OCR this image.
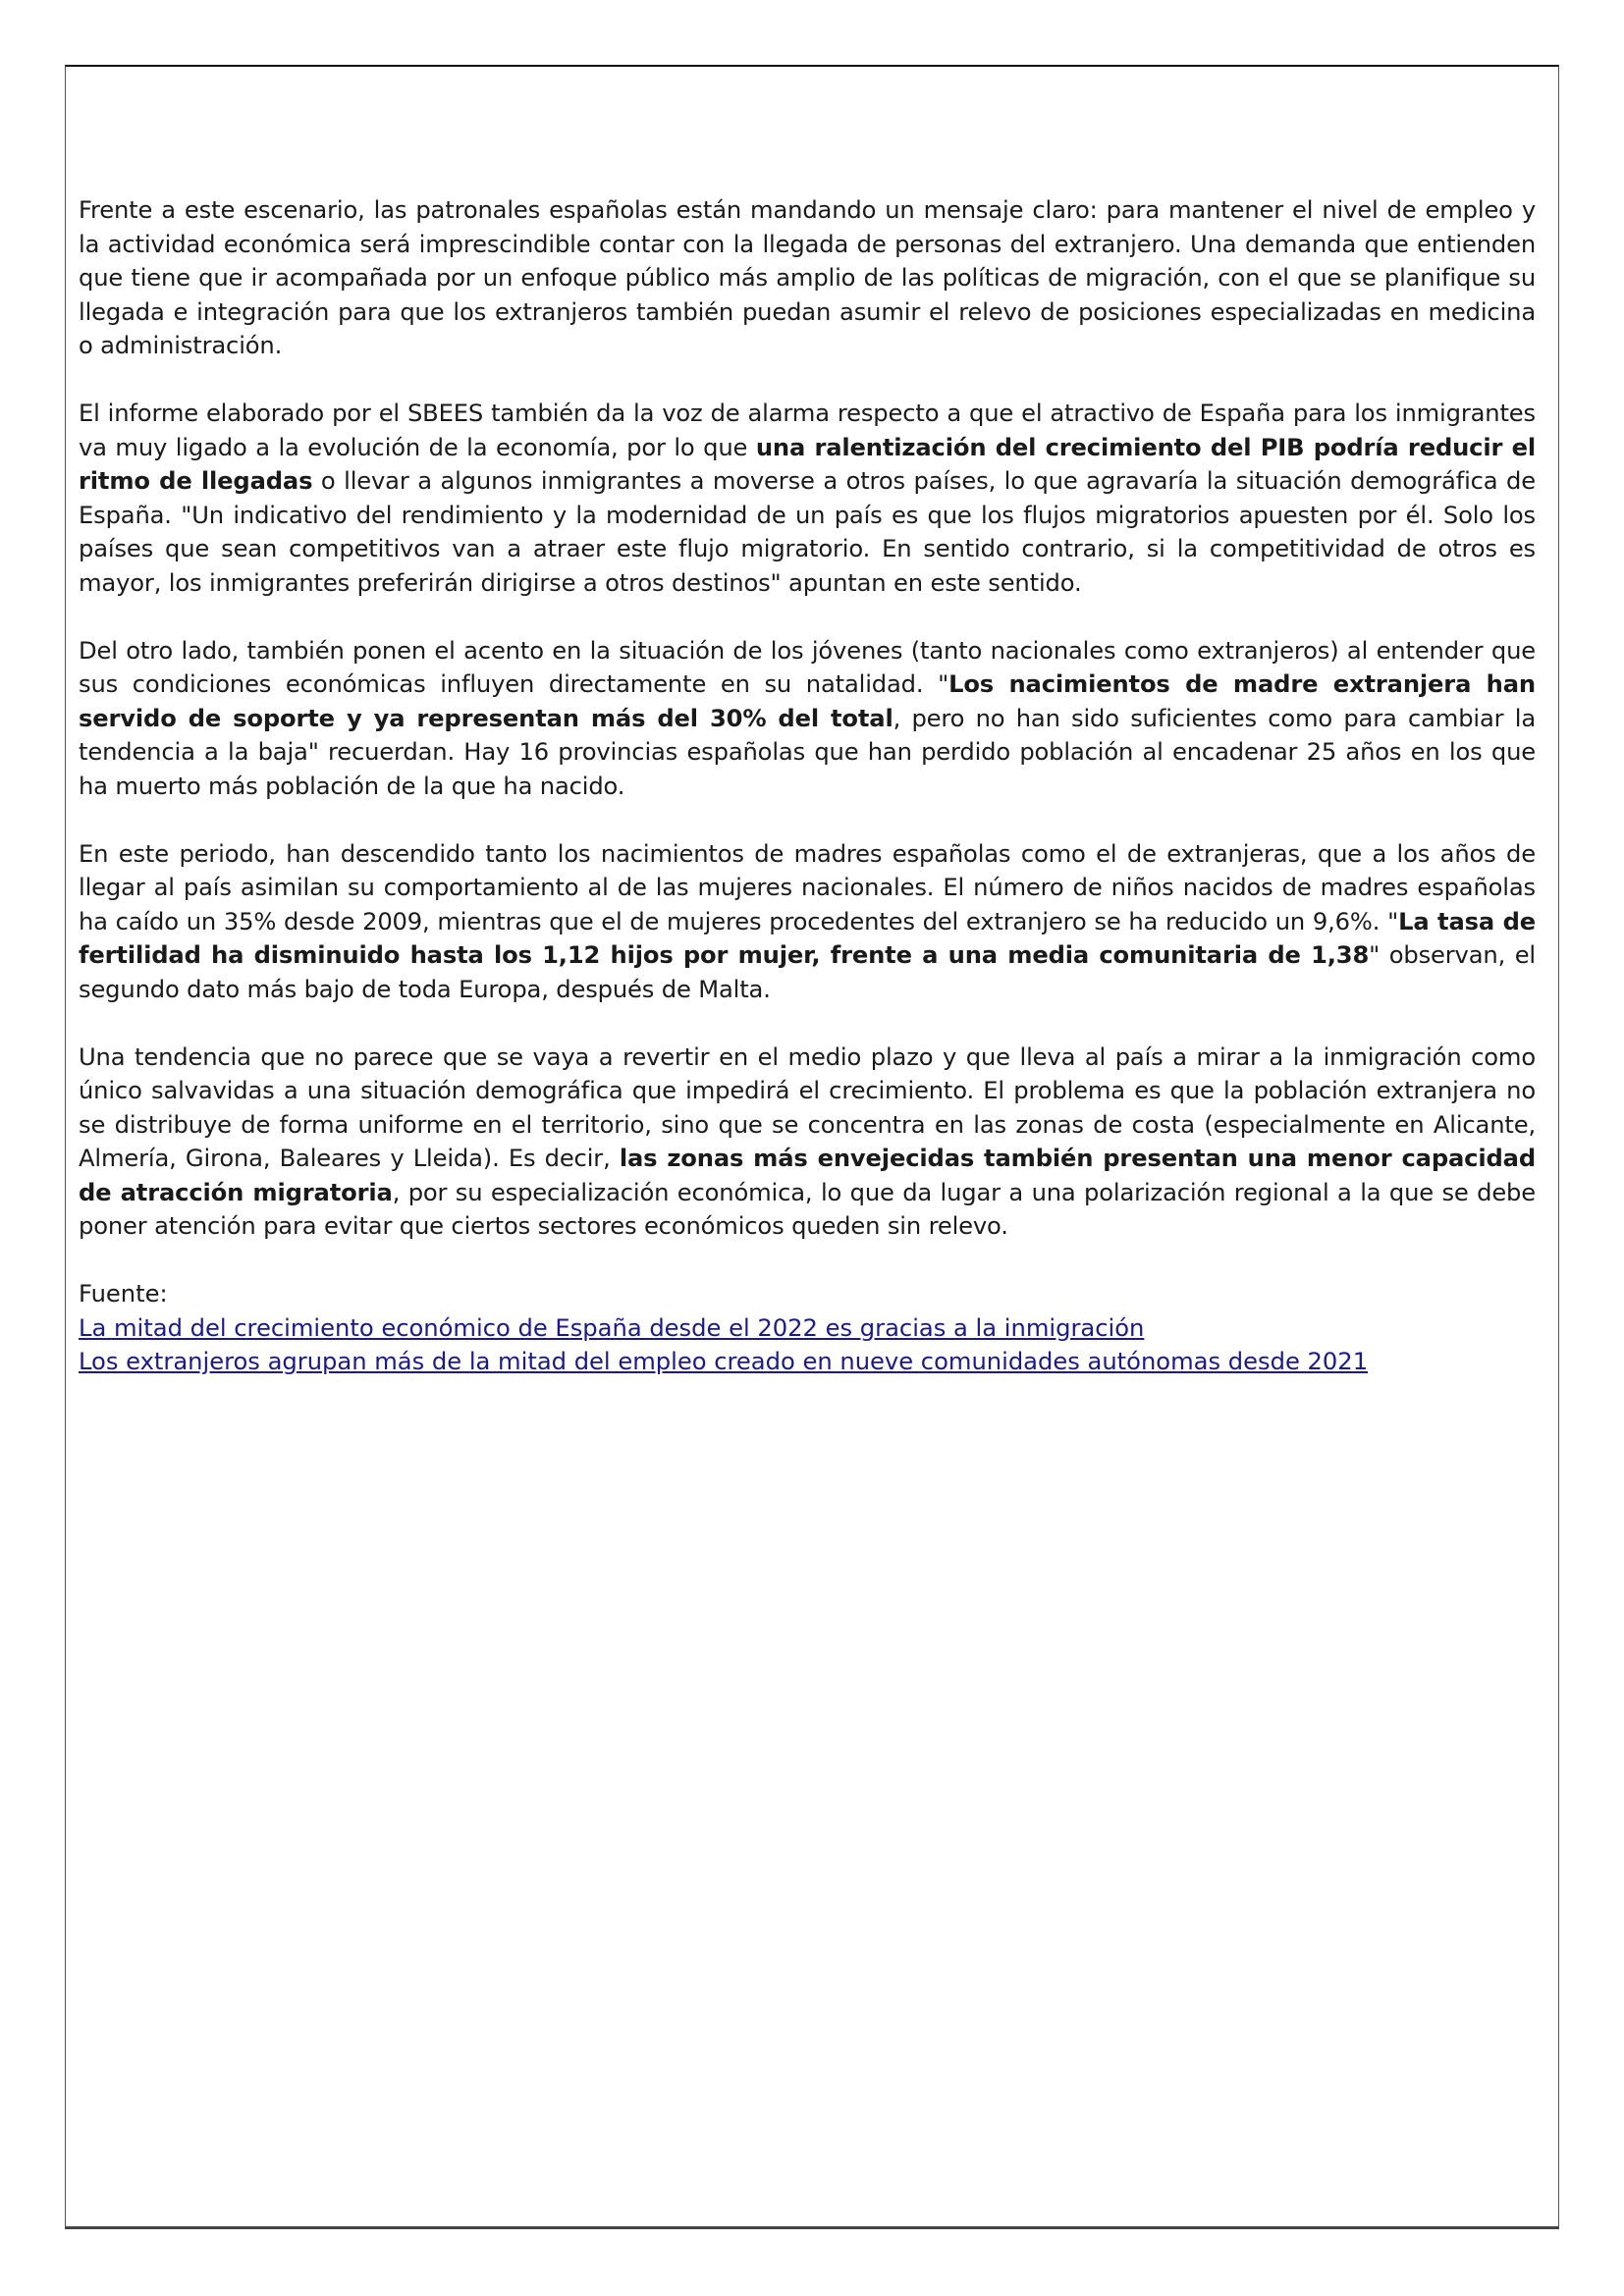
Frente a este escenario, las patronales españolas están mandando un mensaje claro: para mantener el nivel de empleo y la actividad económica será imprescindible contar con la llegada de personas del extranjero. Una demanda que entienden que tiene que ir acompañada por un enfoque público más amplio de las políticas de migración, con el que se planifique su llegada e integración para que los extranjeros también puedan asumir el relevo de posiciones especializadas en medicina o administración.

El informe elaborado por el SBEES también da la voz de alarma respecto a que el atractivo de España para los inmigrantes va muy ligado a la evolución de la economía, por lo que una ralentización del crecimiento del PIB podría reducir el ritmo de llegadas o llevar a algunos inmigrantes a moverse a otros países, lo que agravaría la situación demográfica de España. "Un indicativo del rendimiento y la modernidad de un país es que los flujos migratorios apuesten por él. Solo los países que sean competitivos van a atraer este flujo migratorio. En sentido contrario, si la competitividad de otros es mayor, los inmigrantes preferirán dirigirse a otros destinos" apuntan en este sentido.

Del otro lado, también ponen el acento en la situación de los jóvenes (tanto nacionales como extranjeros) al entender que sus condiciones económicas influyen directamente en su natalidad. "Los nacimientos de madre extranjera han servido de soporte y ya representan más del 30% del total, pero no han sido suficientes como para cambiar la tendencia a la baja" recuerdan. Hay 16 provincias españolas que han perdido población al encadenar 25 años en los que ha muerto más población de la que ha nacido.

En este periodo, han descendido tanto los nacimientos de madres españolas como el de extranjeras, que a los años de llegar al país asimilan su comportamiento al de las mujeres nacionales. El número de niños nacidos de madres españolas ha caído un 35% desde 2009, mientras que el de mujeres procedentes del extranjero se ha reducido un 9,6%. "La tasa de fertilidad ha disminuido hasta los 1,12 hijos por mujer, frente a una media comunitaria de 1,38" observan, el segundo dato más bajo de toda Europa, después de Malta.

Una tendencia que no parece que se vaya a revertir en el medio plazo y que lleva al país a mirar a la inmigración como único salvavidas a una situación demográfica que impedirá el crecimiento. El problema es que la población extranjera no se distribuye de forma uniforme en el territorio, sino que se concentra en las zonas de costa (especialmente en Alicante, Almería, Girona, Baleares y Lleida). Es decir, las zonas más envejecidas también presentan una menor capacidad de atracción migratoria, por su especialización económica, lo que da lugar a una polarización regional a la que se debe poner atención para evitar que ciertos sectores económicos queden sin relevo.

Fuente:
La mitad del crecimiento económico de España desde el 2022 es gracias a la inmigración
Los extranjeros agrupan más de la mitad del empleo creado en nueve comunidades autónomas desde 2021
